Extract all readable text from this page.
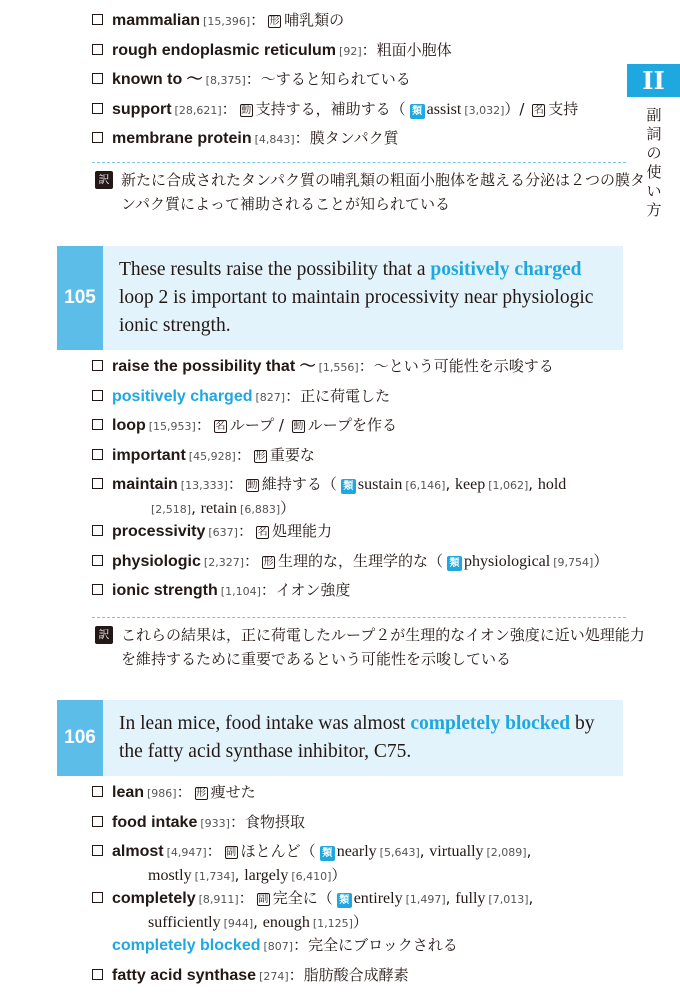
II
副詞の使い方
mammalian [15,396]： 形 哺乳類の
rough endoplasmic reticulum [92]：粗面小胞体
known to 〜 [8,375]：〜すると知られている
support [28,621]： 動 支持する，補助する（ 類 assist [3,032]）/ 名 支持
membrane protein [4,843]：膜タンパク質
訳 新たに合成されたタンパク質の哺乳類の粗面小胞体を越える分泌は２つの膜タンパク質によって補助されることが知られている
105
These results raise the possibility that a positively charged loop 2 is important to maintain processivity near physiologic ionic strength.
raise the possibility that 〜 [1,556]：〜という可能性を示唆する
positively charged [827]：正に荷電した
loop [15,953]： 名 ループ / 動 ループを作る
important [45,928]： 形 重要な
maintain [13,333]： 動 維持する（ 類 sustain [6,146], keep [1,062], hold
[2,518], retain [6,883]）
processivity [637]： 名 処理能力
physiologic [2,327]： 形 生理的な，生理学的な（ 類 physiological [9,754]）
ionic strength [1,104]：イオン強度
訳 これらの結果は，正に荷電したループ２が生理的なイオン強度に近い処理能力を維持するために重要であるという可能性を示唆している
106
In lean mice, food intake was almost completely blocked by the fatty acid synthase inhibitor, C75.
lean [986]： 形 痩せた
food intake [933]：食物摂取
almost [4,947]： 副 ほとんど（ 類 nearly [5,643], virtually [2,089],
mostly [1,734], largely [6,410]）
completely [8,911]： 副 完全に（ 類 entirely [1,497], fully [7,013],
sufficiently [944], enough [1,125]）
completely blocked [807]：完全にブロックされる
fatty acid synthase [274]：脂肪酸合成酵素
